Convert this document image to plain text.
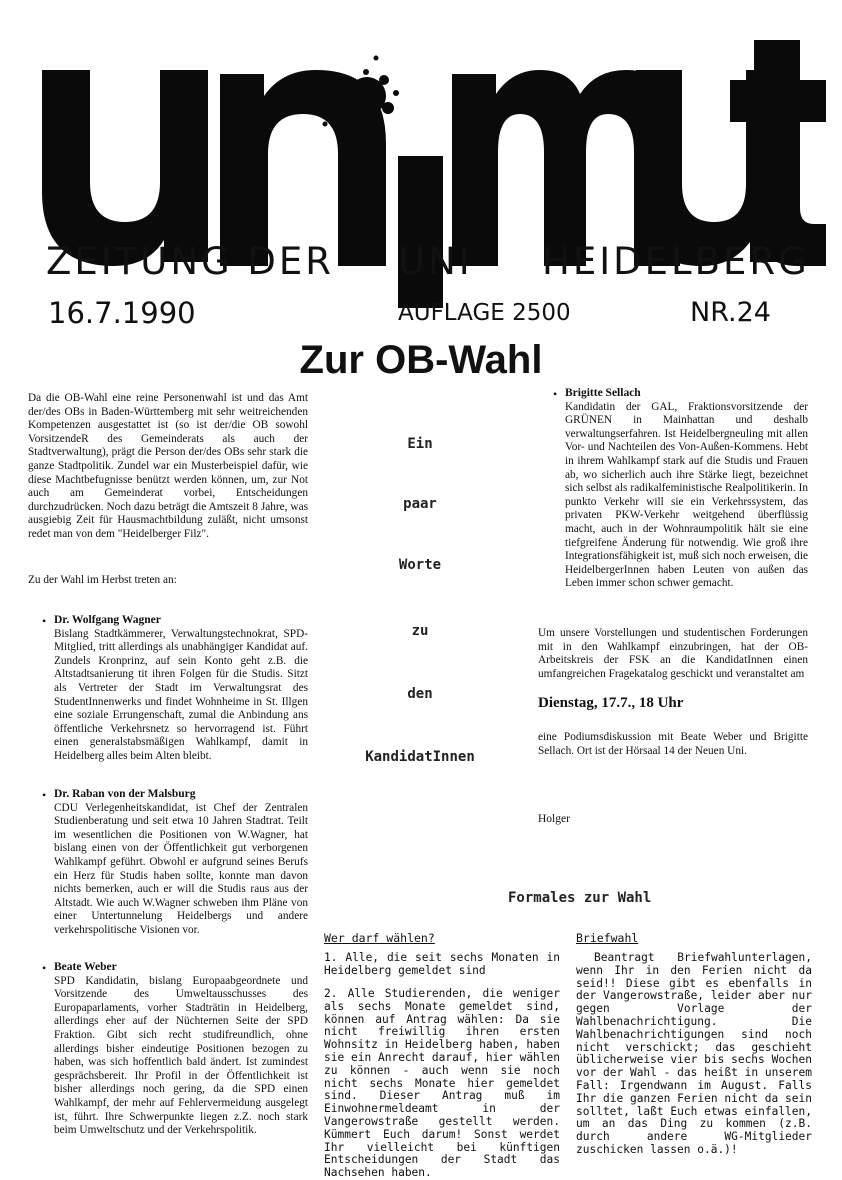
ZEITUNG DER UNI HEIDELBERG
16.7.1990	AUFLAGE 2500	NR.24
Zur OB-Wahl
Da die OB-Wahl eine reine Personenwahl ist und das Amt der/des OBs in Baden-Württemberg mit sehr weitreichenden Kompetenzen ausgestattet ist (so ist der/die OB sowohl VorsitzendeR des Gemeinderats als auch der Stadtverwaltung), prägt die Person der/des OBs sehr stark die ganze Stadtpolitik. Zundel war ein Musterbeispiel dafür, wie diese Machtbefugnisse benützt werden können, um, zur Not auch am Gemeinderat vorbei, Entscheidungen durchzudrücken. Noch dazu beträgt die Amtszeit 8 Jahre, was ausgiebig Zeit für Hausmachtbildung zuläßt, nicht umsonst redet man von dem "Heidelberger Filz".
Zu der Wahl im Herbst treten an:
• Dr. Wolfgang Wagner
Bislang Stadtkämmerer, Verwaltungstechnokrat, SPD-Mitglied, tritt allerdings als unabhängiger Kandidat auf. Zundels Kronprinz, auf sein Konto geht z.B. die Altstadtsanierung tit ihren Folgen für die Studis. Sitzt als Vertreter der Stadt im Verwaltungsrat des StudentInnenwerks und findet Wohnheime in St. Illgen eine soziale Errungenschaft, zumal die Anbindung ans öffentliche Verkehrsnetz so hervorragend ist. Führt einen generalstabsmäßigen Wahlkampf, damit in Heidelberg alles beim Alten bleibt.
• Dr. Raban von der Malsburg
CDU Verlegenheitskandidat, ist Chef der Zentralen Studienberatung und seit etwa 10 Jahren Stadtrat. Teilt im wesentlichen die Positionen von W.Wagner, hat bislang einen von der Öffentlichkeit gut verborgenen Wahlkampf geführt. Obwohl er aufgrund seines Berufs ein Herz für Studis haben sollte, konnte man davon nichts bemerken, auch er will die Studis raus aus der Altstadt. Wie auch W.Wagner schweben ihm Pläne von einer Untertunnelung Heidelbergs und andere verkehrspolitische Visionen vor.
• Beate Weber
SPD Kandidatin, bislang Europaabgeordnete und Vorsitzende des Umweltausschusses des Europaparlaments, vorher Stadträtin in Heidelberg, allerdings eher auf der Nüchternen Seite der SPD Fraktion. Gibt sich recht studifreundlich, ohne allerdings bisher eindeutige Positionen bezogen zu haben, was sich hoffentlich bald ändert. Ist zumindest gesprächsbereit. Ihr Profil in der Öffentlichkeit ist bisher allerdings noch gering, da die SPD einen Wahlkampf, der mehr auf Fehlervermeidung ausgelegt ist, führt. Ihre Schwerpunkte liegen z.Z. noch stark beim Umweltschutz und der Verkehrspolitik.
Ein
paar
Worte
zu
den
KandidatInnen
• Brigitte Sellach
Kandidatin der GAL, Fraktionsvorsitzende der GRÜNEN in Mainhattan und deshalb verwaltungserfahren. Ist Heidelbergneuling mit allen Vor- und Nachteilen des Von-Außen-Kommens. Hebt in ihrem Wahlkampf stark auf die Studis und Frauen ab, wo sicherlich auch ihre Stärke liegt, bezeichnet sich selbst als radikalfeministische Realpolitikerin. In punkto Verkehr will sie ein Verkehrssystem, das privaten PKW-Verkehr weitgehend überflüssig macht, auch in der Wohnraumpolitik hält sie eine tiefgreifene Änderung für notwendig. Wie groß ihre Integrationsfähigkeit ist, muß sich noch erweisen, die HeidelbergerInnen haben Leuten von außen das Leben immer schon schwer gemacht.
Um unsere Vorstellungen und studentischen Forderungen mit in den Wahlkampf einzubringen, hat der OB-Arbeitskreis der FSK an die KandidatInnen einen umfangreichen Fragekatalog geschickt und veranstaltet am
Dienstag, 17.7., 18 Uhr
eine Podiumsdiskussion mit Beate Weber und Brigitte Sellach. Ort ist der Hörsaal 14 der Neuen Uni.
Holger
Formales zur Wahl
Wer darf wählen?
1. Alle, die seit sechs Monaten in Heidelberg gemeldet sind
2. Alle Studierenden, die weniger als sechs Monate gemeldet sind, können auf Antrag wählen: Da sie nicht freiwillig ihren ersten Wohnsitz in Heidelberg haben, haben sie ein Anrecht darauf, hier wählen zu können - auch wenn sie noch nicht sechs Monate hier gemeldet sind. Dieser Antrag muß im Einwohnermeldeamt in der Vangerowstraße gestellt werden. Kümmert Euch darum! Sonst werdet Ihr vielleicht bei künftigen Entscheidungen der Stadt das Nachsehen haben.
Briefwahl
Beantragt Briefwahlunterlagen, wenn Ihr in den Ferien nicht da seid!! Diese gibt es ebenfalls in der Vangerowstraße, leider aber nur gegen Vorlage der Wahlbenachrichtigung. Die Wahlbenachrichtigungen sind noch nicht verschickt; das geschieht üblicherweise vier bis sechs Wochen vor der Wahl - das heißt in unserem Fall: Irgendwann im August. Falls Ihr die ganzen Ferien nicht da sein solltet, laßt Euch etwas einfallen, um an das Ding zu kommen (z.B. durch andere WG-Mitglieder zuschicken lassen o.ä.)!
